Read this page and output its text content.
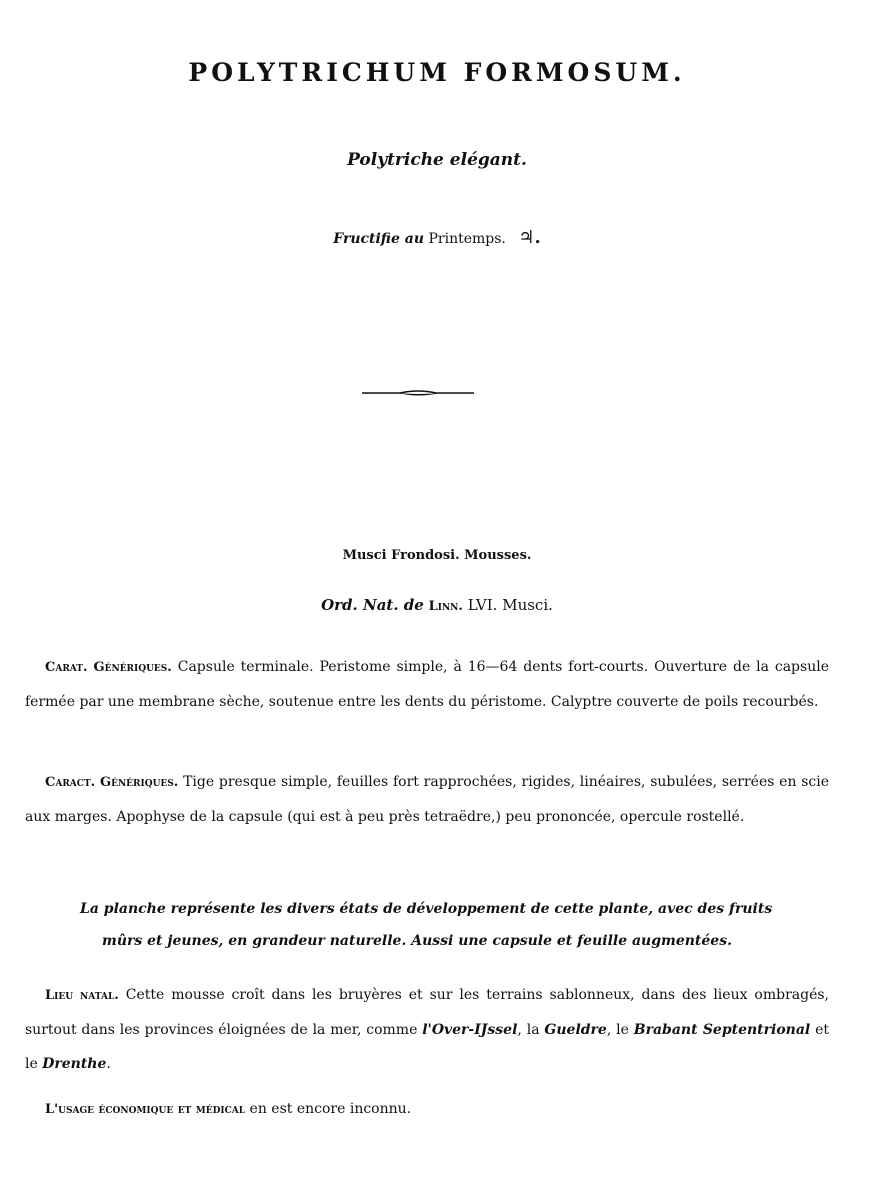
POLYTRICHUM FORMOSUM.
Polytriche elégant.
Fructifie au Printemps. ♃.
Musci Frondosi. Mousses.
Ord. Nat. de Linn. LVI. Musci.
Carat. Génériques. Capsule terminale. Peristome simple, à 16—64 dents fort-courts. Ouverture de la capsule fermée par une membrane sèche, soutenue entre les dents du péristome. Calyptre couverte de poils recourbés.
Caract. Génériques. Tige presque simple, feuilles fort rapprochées, rigides, linéaires, subulées, serrées en scie aux marges. Apophyse de la capsule (qui est à peu près tetraëdre,) peu prononcée, opercule rostellé.
La planche représente les divers états de développement de cette plante, avec des fruits
mûrs et jeunes, en grandeur naturelle. Aussi une capsule et feuille augmentées.
Lieu natal. Cette mousse croît dans les bruyères et sur les terrains sablonneux, dans des lieux ombragés, surtout dans les provinces éloignées de la mer, comme l'Over-IJssel, la Gueldre, le Brabant Septentrional et le Drenthe.
L'usage économique et médical en est encore inconnu.
